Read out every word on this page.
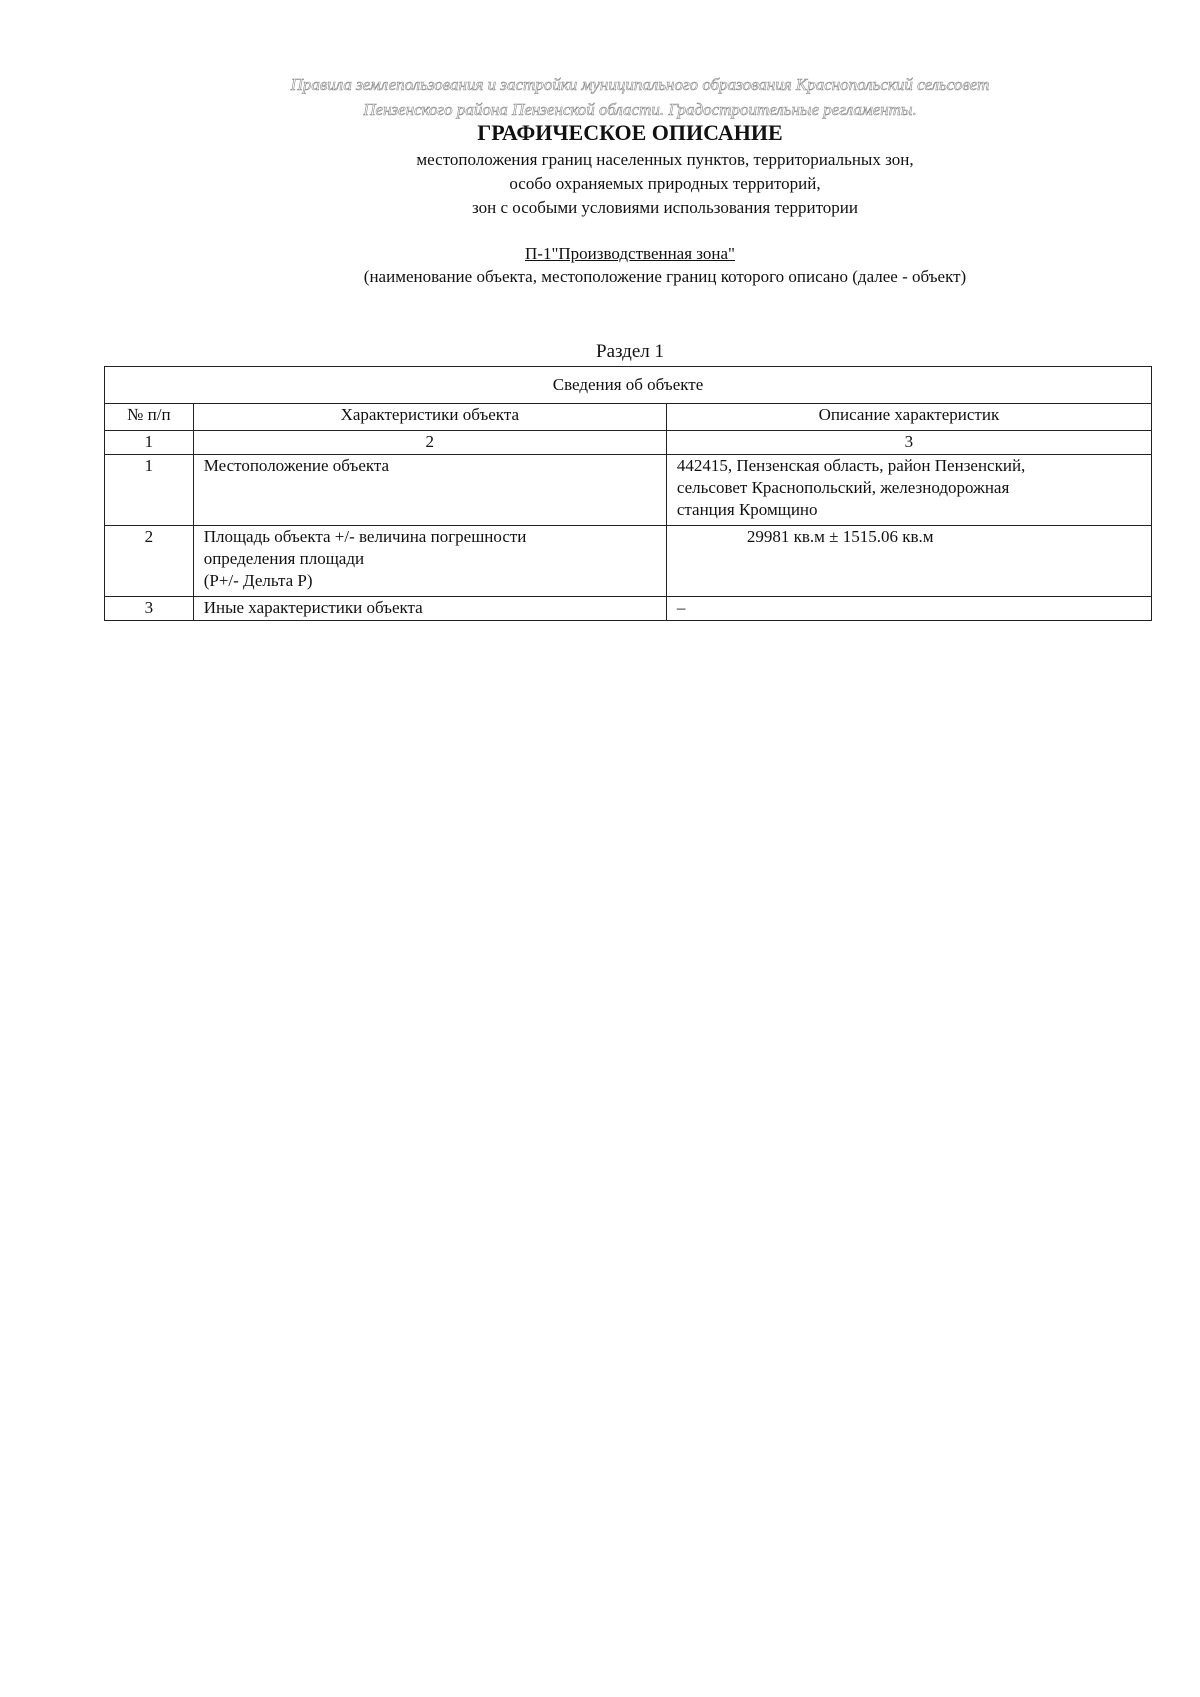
Правила землепользования и застройки муниципального образования Краснопольский сельсовет
Пензенского района Пензенской области. Градостроительные регламенты.
ГРАФИЧЕСКОЕ ОПИСАНИЕ
местоположения границ населенных пунктов, территориальных зон,
особо охраняемых природных территорий,
зон с особыми условиями использования территории
П-1"Производственная зона"
(наименование объекта, местоположение границ которого описано (далее - объект)
Раздел 1
Сведения об объекте		
№ п/п	Характеристики объекта	Описание характеристик
1	2	3
1	Местоположение объекта	442415, Пензенская область, район Пензенский,
сельсовет Краснопольский, железнодорожная
станция Кромщино

2	Площадь объекта +/- величина погрешности
определения площади
(P+/- Дельта P)	29981 кв.м ± 1515.06 кв.м

3	Иные характеристики объекта	–
